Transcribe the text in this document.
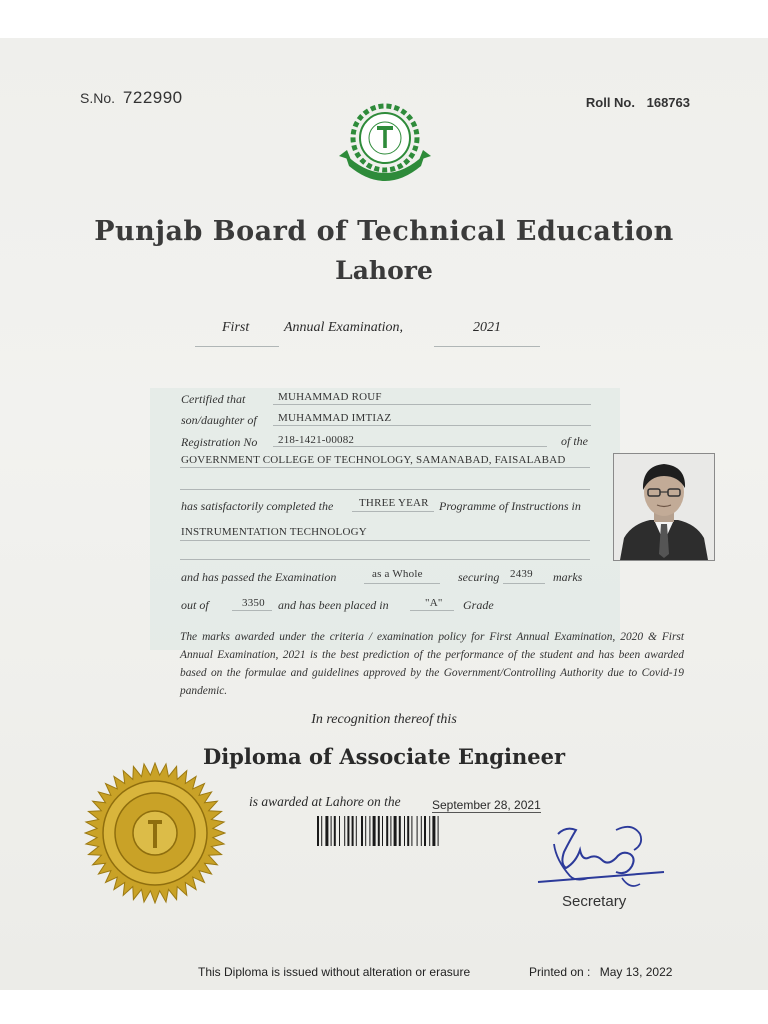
S.No. 722990	Roll No. 168763
Punjab Board of Technical Education
Lahore
First Annual Examination,	2021
Certified that	MUHAMMAD ROUF
son/daughter of MUHAMMAD IMTIAZ
Registration No 218-1421-00082	of the
GOVERNMENT COLLEGE OF TECHNOLOGY, SAMANABAD, FAISALABAD
has satisfactorily completed the THREE YEAR Programme of Instructions in
INSTRUMENTATION TECHNOLOGY
and has passed the Examination	as a Whole	securing 2439 marks
out of	3350 and has been placed in	"A" Grade
The marks awarded under the criteria / examination policy for First Annual Examination, 2020 & First Annual Examination, 2021 is the best prediction of the performance of the student and has been awarded based on the formulae and guidelines approved by the Government/Controlling Authority due to Covid-19 pandemic.
In recognition thereof this
Diploma of Associate Engineer
is awarded at Lahore on the	September 28, 2021
Secretary
This Diploma is issued without alteration or erasure	Printed on : May 13, 2022
